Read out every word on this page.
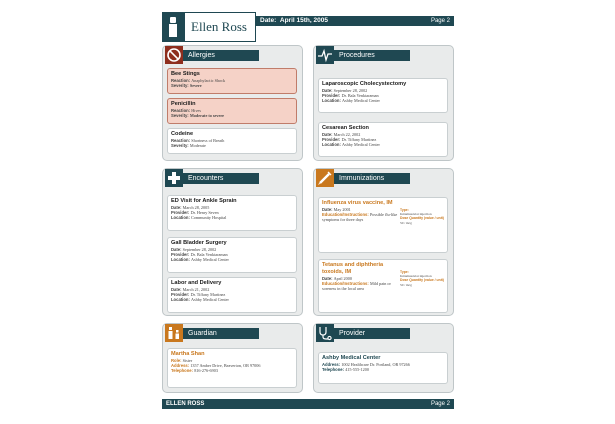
Ellen Ross	Date: April 15th, 2005	Page 2
Allergies
Bee Stings
Reaction: Anaphylactic Shock
Severity: Severe
Penicillin
Reaction: Hives
Severity: Moderate to severe
Codeine
Reaction: Shortness of Breath
Severity: Moderate
Procedures
Laparoscopic Cholecystectomy
Date: September 28, 2002
Provider: Dr. Bala Venktaraman
Location: Ashby Medical Center
Cesarean Section
Date: March 22, 2002
Provider: Dr. Tiffany Martinez
Location: Ashby Medical Center
Encounters
ED Visit for Ankle Sprain
Date: March 28, 2005
Provider: Dr. Henry Seven
Location: Community Hospital
Gall Bladder Surgery
Date: September 28, 2002
Provider: Dr. Bala Venktaraman
Location: Ashby Medical Center
Labor and Delivery
Date: March 21, 2002
Provider: Dr. Tiffany Martinez
Location: Ashby Medical Center
Immunizations
Influenza virus vaccine, IM
Date: May 2001
Education/Instructions: Possible flu-like symptoms for three days
Type:
Intramuscular injection
Dose Quantity (value / unit)
50 / mcg
Tetanus and diphtheria toxoids, IM
Date: April 2000
Education/Instructions: Mild pain or soreness in the local area
Type:
Intramuscular injection
Dose Quantity (value / unit)
50 / mcg
Guardian
Martha Shan
Role: Sister
Address: 1357 Amber Drive, Beaverton, OR 97006
Telephone: 816-276-6903
Provider
Ashby Medical Center
Address: 1002 Healthcare Dr. Portland, OR 97266
Telephone: 415-555-1200
ELLEN ROSS	Page 2
